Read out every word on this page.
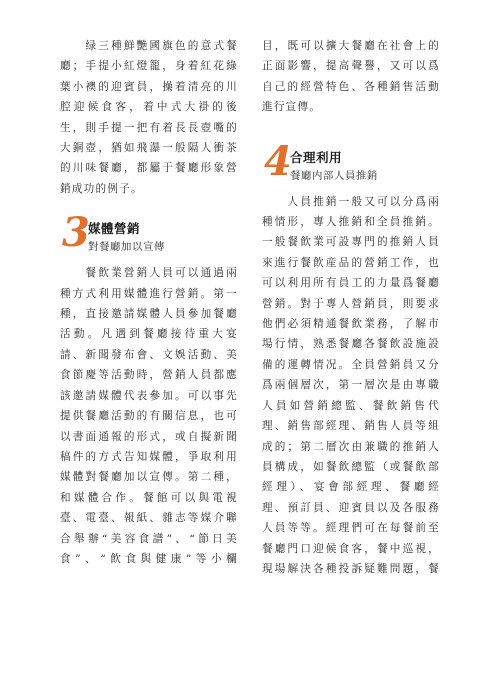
　　绿三種鮮艷國旗色的意式餐

廳；手提小紅燈籠，身着紅花綠

葉小襖的迎賓員，操着清亮的川

腔迎候食客，着中式大褂的後

生，則手提一把有着長長壺嘴的

大銅壺，猶如飛瀑一般隔人衝茶

的川味餐廳，都屬于餐廳形象營

銷成功的例子。

3
媒體營銷
對餐廳加以宣傳

　　餐飲業營銷人員可以通過兩

種方式利用媒體進行營銷。第一

種，直接邀請媒體人員參加餐廳

活動。凡遇到餐廳接待重大宴

請、新聞發布會、文娛活動、美

食節慶等活動時，營銷人員都應

該邀請媒體代表參加。可以事先

提供餐廳活動的有關信息，也可

以書面通報的形式，或自擬新聞

稿件的方式告知媒體，爭取利用

媒體對餐廳加以宣傳。第二種，

和媒體合作。餐館可以與電視

臺、電臺、報紙、雜志等媒介聯

合舉辦“美容食譜”、“節日美

食”、“飲食與健康”等小欄

目，既可以擴大餐廳在社會上的

正面影響，提高聲譽，又可以爲

自己的經營特色、各種銷售活動

進行宣傳。

4
合理利用
餐廳内部人員推銷

　　人員推銷一般又可以分爲兩

種情形，專人推銷和全員推銷。

一般餐飲業可設專門的推銷人員

來進行餐飲産品的營銷工作，也

可以利用所有員工的力量爲餐廳

營銷。對于專人營銷員，則要求

他們必須精通餐飲業務，了解市

場行情，熟悉餐廳各餐飲設施設

備的運轉情况。全員營銷員又分

爲兩個層次，第一層次是由專職

人員如營銷總監、餐飲銷售代

理、銷售部經理、銷售人員等組

成的；第二層次由兼職的推銷人

員構成，如餐飲總監（或餐飲部

經理）、宴會部經理、餐廳經

理、預訂員、迎賓員以及各服務

人員等等。經理們可在每餐前至

餐廳門口迎候食客，餐中巡視，

現場解決各種投訴疑難問題，餐
